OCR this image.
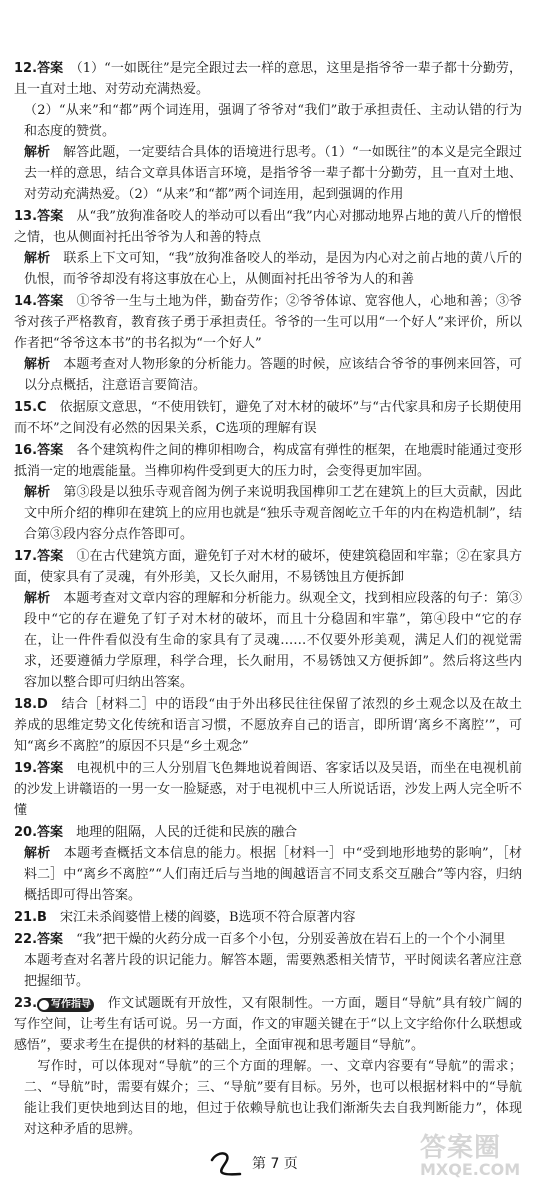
12.答案　 （1）“一如既往”是完全跟过去一样的意思，这里是指爷爷一辈子都十分勤劳，且一直对土地、对劳动充满热爱。

（2）“从来”和“都”两个词连用，强调了爷爷对“我们”敢于承担责任、主动认错的行为和态度的赞赏。

解析　 解答此题，一定要结合具体的语境进行思考。（1）“一如既往”的本义是完全跟过去一样的意思，结合文章具体语言环境，是指爷爷一辈子都十分勤劳，且一直对土地、对劳动充满热爱。（2）“从来”和“都”两个词连用，起到强调的作用

13.答案　 从“我”放狗准备咬人的举动可以看出“我”内心对挪动地界占地的黄八斤的憎恨之情，也从侧面衬托出爷爷为人和善的特点

解析　 联系上下文可知，“我”放狗准备咬人的举动，是因为内心对之前占地的黄八斤的仇恨，而爷爷却没有将这事放在心上，从侧面衬托出爷爷为人的和善

14.答案　 ①爷爷一生与土地为伴，勤奋劳作；②爷爷体谅、宽容他人，心地和善；③爷爷对孩子严格教育，教育孩子勇于承担责任。爷爷的一生可以用“一个好人”来评价，所以作者把“爷爷这本书”的书名拟为“一个好人”

解析　 本题考查对人物形象的分析能力。答题的时候，应该结合爷爷的事例来回答，可以分点概括，注意语言要简洁。

15.C　 依据原文意思，“不使用铁钉，避免了对木材的破坏”与“古代家具和房子长期使用而不坏”之间没有必然的因果关系，C选项的理解有误

16.答案　 各个建筑构件之间的榫卯相吻合，构成富有弹性的框架，在地震时能通过变形抵消一定的地震能量。当榫卯构件受到更大的压力时，会变得更加牢固。

解析　 第③段是以独乐寺观音阁为例子来说明我国榫卯工艺在建筑上的巨大贡献，因此文中所介绍的榫卯在建筑上的应用也就是“独乐寺观音阁屹立千年的内在构造机制”，结合第③段内容分点作答即可。

17.答案　 ①在古代建筑方面，避免钉子对木材的破坏，使建筑稳固和牢靠；②在家具方面，使家具有了灵魂，有外形美，又长久耐用，不易锈蚀且方便拆卸

解析　 本题考查对文章内容的理解和分析能力。纵观全文，找到相应段落的句子：第③段中“它的存在避免了钉子对木材的破坏，而且十分稳固和牢靠”，第④段中“它的存在，让一件件看似没有生命的家具有了灵魂……不仅要外形美观，满足人们的视觉需求，还要遵循力学原理，科学合理，长久耐用，不易锈蚀又方便拆卸”。然后将这些内容加以整合即可归纳出答案。

18.D　 结合［材料二］中的语段“由于外出移民往往保留了浓烈的乡土观念以及在故土养成的思维定势文化传统和语言习惯，不愿放弃自己的语言，即所谓‘离乡不离腔’”，可知“离乡不离腔”的原因不只是“乡土观念”

19.答案　 电视机中的三人分别眉飞色舞地说着闽语、客家话以及吴语，而坐在电视机前的沙发上讲赣语的一男一女一脸疑惑，对于电视机中三人所说话语，沙发上两人完全听不懂

20.答案　 地理的阻隔，人民的迁徙和民族的融合

解析　 本题考查概括文本信息的能力。根据［材料一］中“受到地形地势的影响”，［材料二］中“离乡不离腔”“人们南迁后与当地的闽越语言不同支系交互融合”等内容，归纳概括即可得出答案。

21.B　 宋江未杀阎婆惜上楼的阎婆，B选项不符合原著内容

22.答案　 “我”把干燥的火药分成一百多个小包，分别妥善放在岩石上的一个个小洞里

本题考查对名著片段的识记能力。解答本题，需要熟悉相关情节，平时阅读名著应注意把握细节。

23. 写作指导　 作文试题既有开放性，又有限制性。一方面，题目“导航”具有较广阔的写作空间，让考生有话可说。另一方面，作文的审题关键在于“以上文字给你什么联想或感悟”，要求考生在提供的材料的基础上，全面审视和思考题目“导航”。

　写作时，可以体现对“导航”的三个方面的理解。一、文章内容要有“导航”的需求；二、“导航”时，需要有媒介；三、“导航”要有目标。另外，也可以根据材料中的“导航能让我们更快地到达目的地，但过于依赖导航也让我们渐渐失去自我判断能力”，体现对这种矛盾的思辨。

第 7 页
答案圈
MXQE.COM
